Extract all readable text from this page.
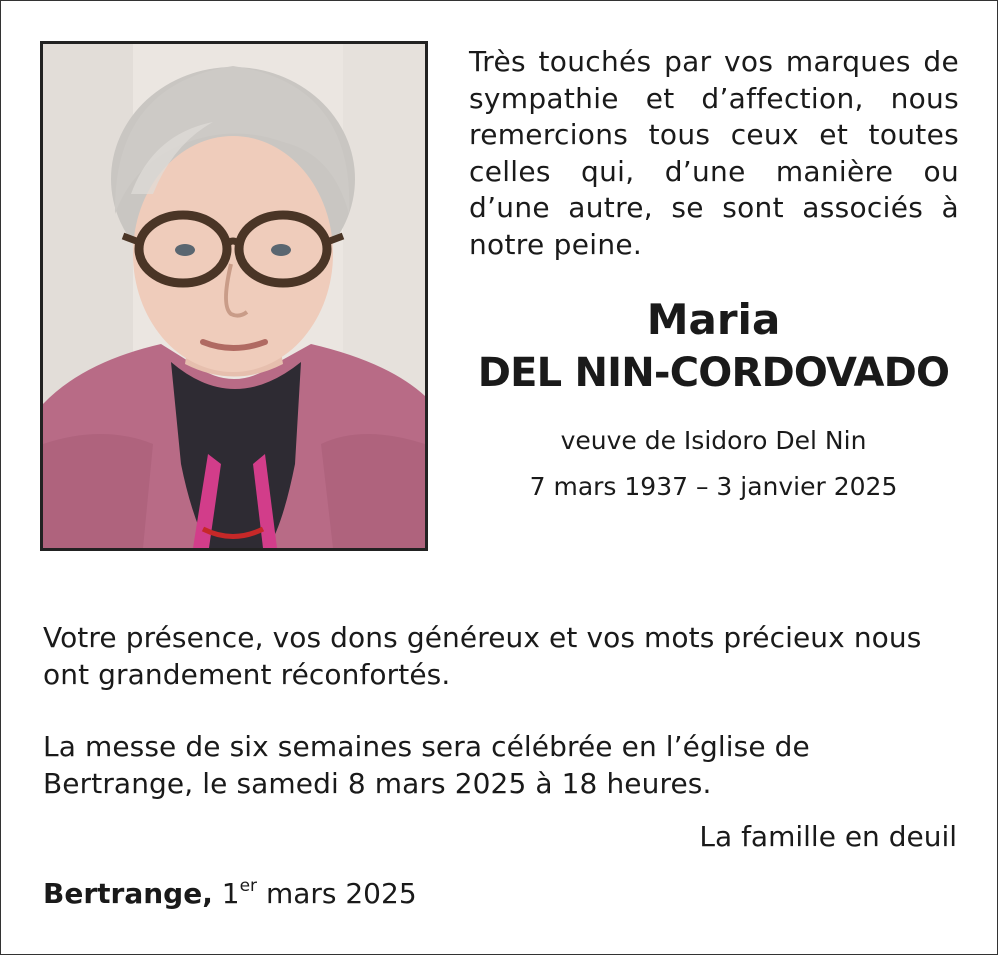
Très touchés par vos marques de sympathie et d’affection, nous remercions tous ceux et toutes celles qui, d’une manière ou d’une autre, se sont associés à notre peine.

Maria
DEL NIN-CORDOVADO

veuve de Isidoro Del Nin

7 mars 1937 – 3 janvier 2025

Votre présence, vos dons généreux et vos mots précieux nous ont grandement réconfortés.

La messe de six semaines sera célébrée en l’église de Bertrange, le samedi 8 mars 2025 à 18 heures.

La famille en deuil

Bertrange, 1er mars 2025
